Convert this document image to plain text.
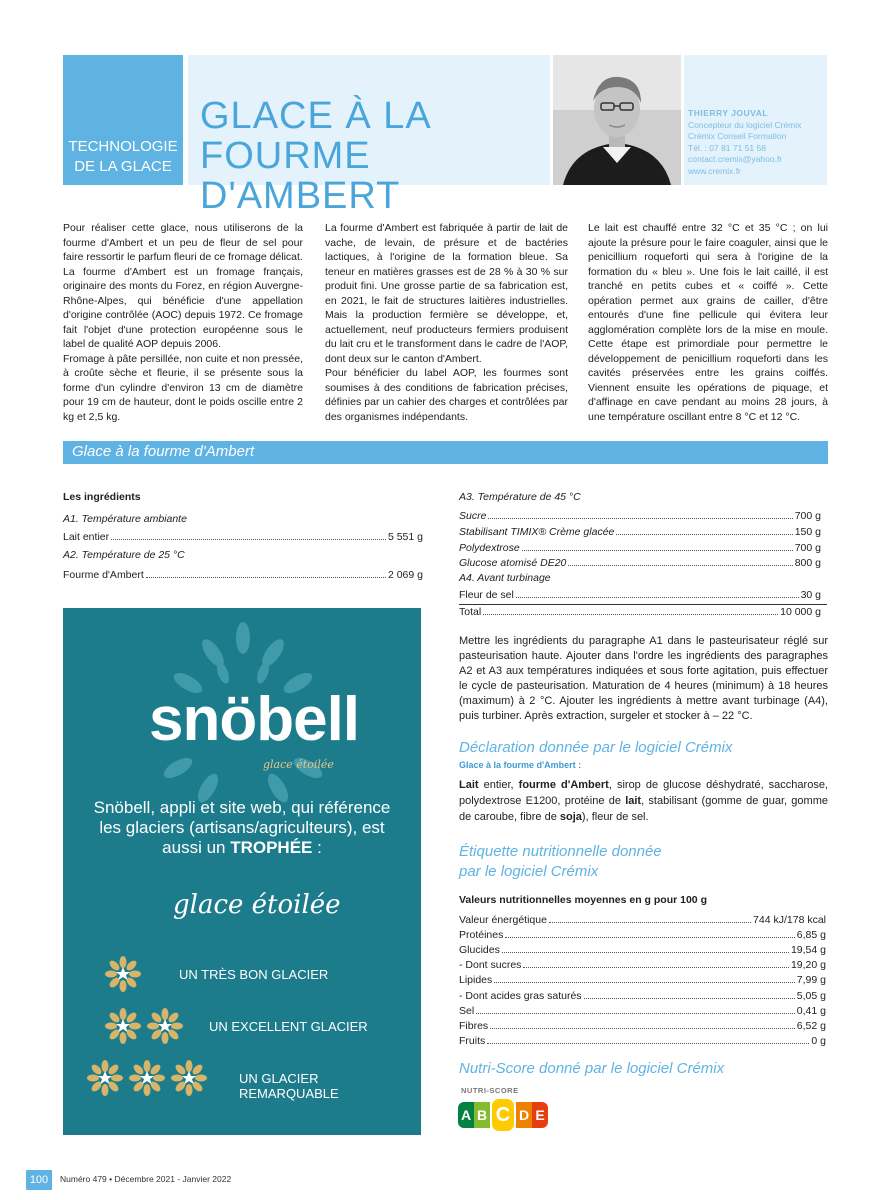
TECHNOLOGIE
DE LA GLACE
GLACE À LA
FOURME D'AMBERT
THIERRY JOUVAL
Concepteur du logiciel Crémix
Crémix Conseil Formation
Tél. : 07 81 71 51 58
contact.cremix@yahoo.fr
www.cremix.fr

Pour réaliser cette glace, nous utiliserons de la fourme d'Ambert et un peu de fleur de sel pour faire ressortir le parfum fleuri de ce fromage délicat.

La fourme d'Ambert est un fromage français, originaire des monts du Forez, en région Auvergne-Rhône-Alpes, qui bénéficie d'une appellation d'origine contrôlée (AOC) depuis 1972. Ce fromage fait l'objet d'une protection européenne sous le label de qualité AOP depuis 2006.

Fromage à pâte persillée, non cuite et non pressée, à croûte sèche et fleurie, il se présente sous la forme d'un cylindre d'environ 13 cm de diamètre pour 19 cm de hauteur, dont le poids oscille entre 2 kg et 2,5 kg.

La fourme d'Ambert est fabriquée à partir de lait de vache, de levain, de présure et de bactéries lactiques, à l'origine de la formation bleue. Sa teneur en matières grasses est de 28 % à 30 % sur produit fini. Une grosse partie de sa fabrication est, en 2021, le fait de structures laitières industrielles. Mais la production fermière se développe, et, actuellement, neuf producteurs fermiers produisent du lait cru et le transforment dans le cadre de l'AOP, dont deux sur le canton d'Ambert.

Pour bénéficier du label AOP, les fourmes sont soumises à des conditions de fabrication précises, définies par un cahier des charges et contrôlées par des organismes indépendants.

Le lait est chauffé entre 32 °C et 35 °C ; on lui ajoute la présure pour le faire coaguler, ainsi que le penicillium roqueforti qui sera à l'origine de la formation du « bleu ». Une fois le lait caillé, il est tranché en petits cubes et « coiffé ». Cette opération permet aux grains de cailler, d'être entourés d'une fine pellicule qui évitera leur agglomération complète lors de la mise en moule. Cette étape est primordiale pour permettre le développement de penicillium roqueforti dans les cavités préservées entre les grains coiffés. Viennent ensuite les opérations de piquage, et d'affinage en cave pendant au moins 28 jours, à une température oscillant entre 8 °C et 12 °C.

Glace à la fourme d'Ambert
Les ingrédients
A1. Température ambiante
Lait entier	5 551 g
A2. Température de 25 °C
Fourme d'Ambert	2 069 g
A3. Température de 45 °C
Sucre	700 g
Stabilisant TIMIX® Crème glacée	150 g
Polydextrose	700 g
Glucose atomisé DE20	800 g
A4. Avant turbinage
Fleur de sel	30 g
Total	10 000 g
Mettre les ingrédients du paragraphe A1 dans le pasteurisateur réglé sur pasteurisation haute. Ajouter dans l'ordre les ingrédients des paragraphes A2 et A3 aux températures indiquées et sous forte agitation, puis effectuer le cycle de pasteurisation. Maturation de 4 heures (minimum) à 18 heures (maximum) à 2 °C. Ajouter les ingrédients à mettre avant turbinage (A4), puis turbiner. Après extraction, surgeler et stocker à – 22 °C.
Déclaration donnée par le logiciel Crémix
Glace à la fourme d'Ambert :
Lait entier, fourme d'Ambert, sirop de glucose déshydraté, saccharose, polydextrose E1200, protéine de lait, stabilisant (gomme de guar, gomme de caroube, fibre de soja), fleur de sel.
Étiquette nutritionnelle donnée
par le logiciel Crémix
Valeurs nutritionnelles moyennes en g pour 100 g
Valeur énergétique	744 kJ/178 kcal
Protéines	6,85 g
Glucides	19,54 g
- Dont sucres	19,20 g
Lipides	7,99 g
- Dont acides gras saturés	5,05 g
Sel	0,41 g
Fibres	6,52 g
Fruits	0 g
Nutri-Score donné par le logiciel Crémix
NUTRI-SCORE
A B C D E
snöbell
glace étoilée
Snöbell, appli et site web, qui référence les glaciers (artisans/agriculteurs), est aussi un TROPHÉE :
glace étoilée
UN TRÈS BON GLACIER
UN EXCELLENT GLACIER
UN GLACIER REMARQUABLE
100	Numéro 479 • Décembre 2021 - Janvier 2022
